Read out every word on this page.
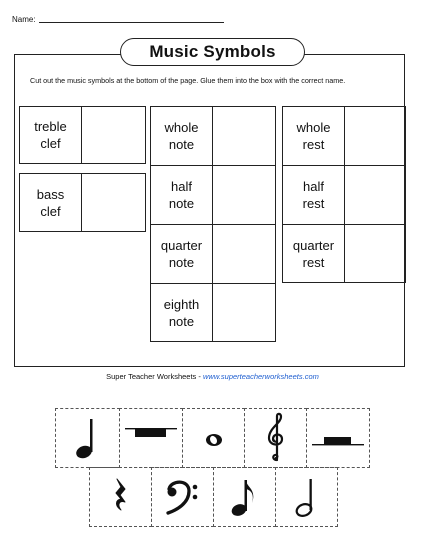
Name:
Music Symbols
Cut out the music symbols at the bottom of the page. Glue them into the box with the correct name.
treble
clef
bass
clef
whole
note
half
note
quarter
note
eighth
note
whole
rest
half
rest
quarter
rest
Super Teacher Worksheets - www.superteacherworksheets.com
